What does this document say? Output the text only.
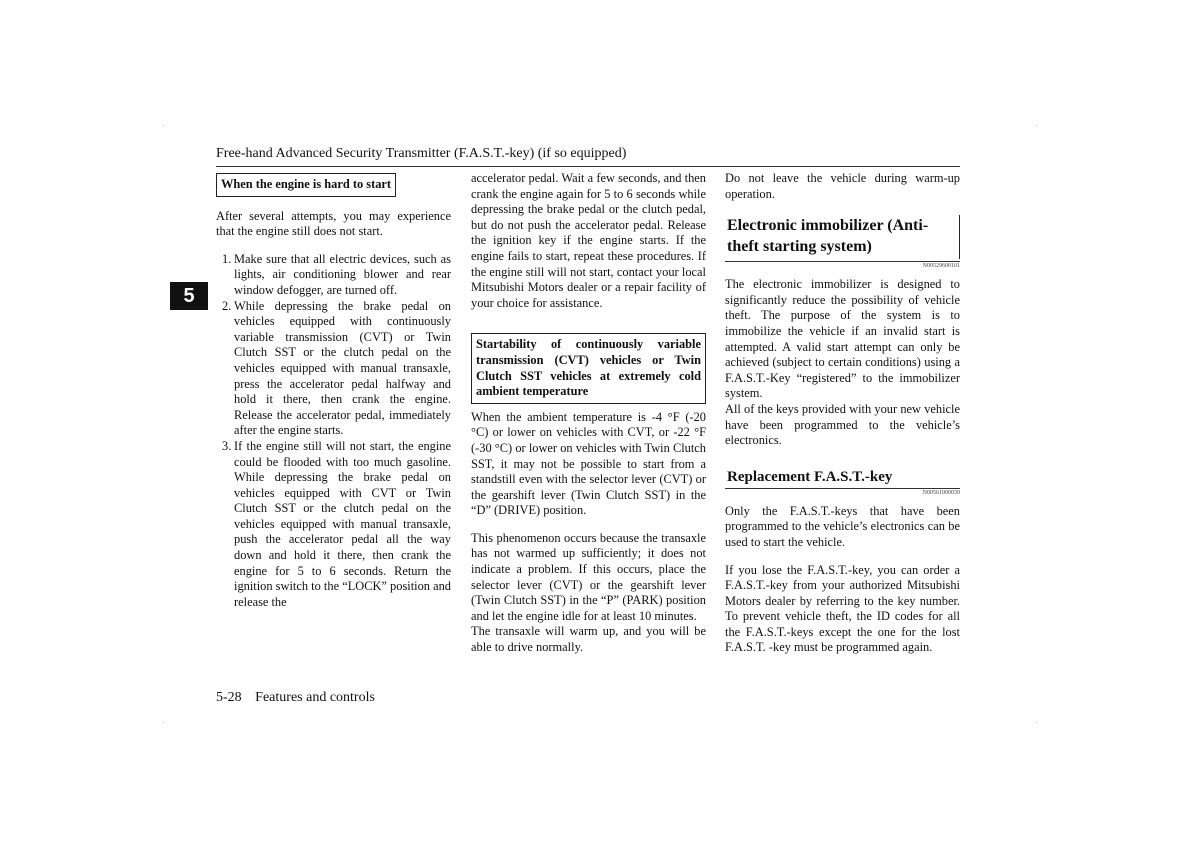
Free-hand Advanced Security Transmitter (F.A.S.T.-key) (if so equipped)
5
When the engine is hard to start

After several attempts, you may experience that the engine still does not start.

1. Make sure that all electric devices, such as lights, air conditioning blower and rear window defogger, are turned off.
2. While depressing the brake pedal on vehicles equipped with continuously variable transmission (CVT) or Twin Clutch SST or the clutch pedal on the vehicles equipped with manual transaxle, press the accelerator pedal halfway and hold it there, then crank the engine. Release the accelerator pedal, immediately after the engine starts.
3. If the engine still will not start, the engine could be flooded with too much gasoline. While depressing the brake pedal on vehicles equipped with CVT or Twin Clutch SST or the clutch pedal on the vehicles equipped with manual transaxle, push the accelerator pedal all the way down and hold it there, then crank the engine for 5 to 6 seconds. Return the ignition switch to the “LOCK” position and release the

accelerator pedal. Wait a few seconds, and then crank the engine again for 5 to 6 seconds while depressing the brake pedal or the clutch pedal, but do not push the accelerator pedal. Release the ignition key if the engine starts. If the engine fails to start, repeat these procedures. If the engine still will not start, contact your local Mitsubishi Motors dealer or a repair facility of your choice for assistance.

Startability of continuously variable transmission (CVT) vehicles or Twin Clutch SST vehicles at extremely cold ambient temperature

When the ambient temperature is -4 °F (-20 °C) or lower on vehicles with CVT, or -22 °F (-30 °C) or lower on vehicles with Twin Clutch SST, it may not be possible to start from a standstill even with the selector lever (CVT) or the gearshift lever (Twin Clutch SST) in the “D” (DRIVE) position.

This phenomenon occurs because the transaxle has not warmed up sufficiently; it does not indicate a problem. If this occurs, place the selector lever (CVT) or the gearshift lever (Twin Clutch SST) in the “P” (PARK) position and let the engine idle for at least 10 minutes.

The transaxle will warm up, and you will be able to drive normally.

Do not leave the vehicle during warm-up operation.

Electronic immobilizer (Anti-theft starting system)
N00529600101

The electronic immobilizer is designed to significantly reduce the possibility of vehicle theft. The purpose of the system is to immobilize the vehicle if an invalid start is attempted. A valid start attempt can only be achieved (subject to certain conditions) using a F.A.S.T.-Key “registered” to the immobilizer system.

All of the keys provided with your new vehicle have been programmed to the vehicle’s electronics.

Replacement F.A.S.T.-key
N00561000039

Only the F.A.S.T.-keys that have been programmed to the vehicle’s electronics can be used to start the vehicle.

If you lose the F.A.S.T.-key, you can order a F.A.S.T.-key from your authorized Mitsubishi Motors dealer by referring to the key number. To prevent vehicle theft, the ID codes for all the F.A.S.T.-keys except the one for the lost F.A.S.T. -key must be programmed again.

5-28 Features and controls
